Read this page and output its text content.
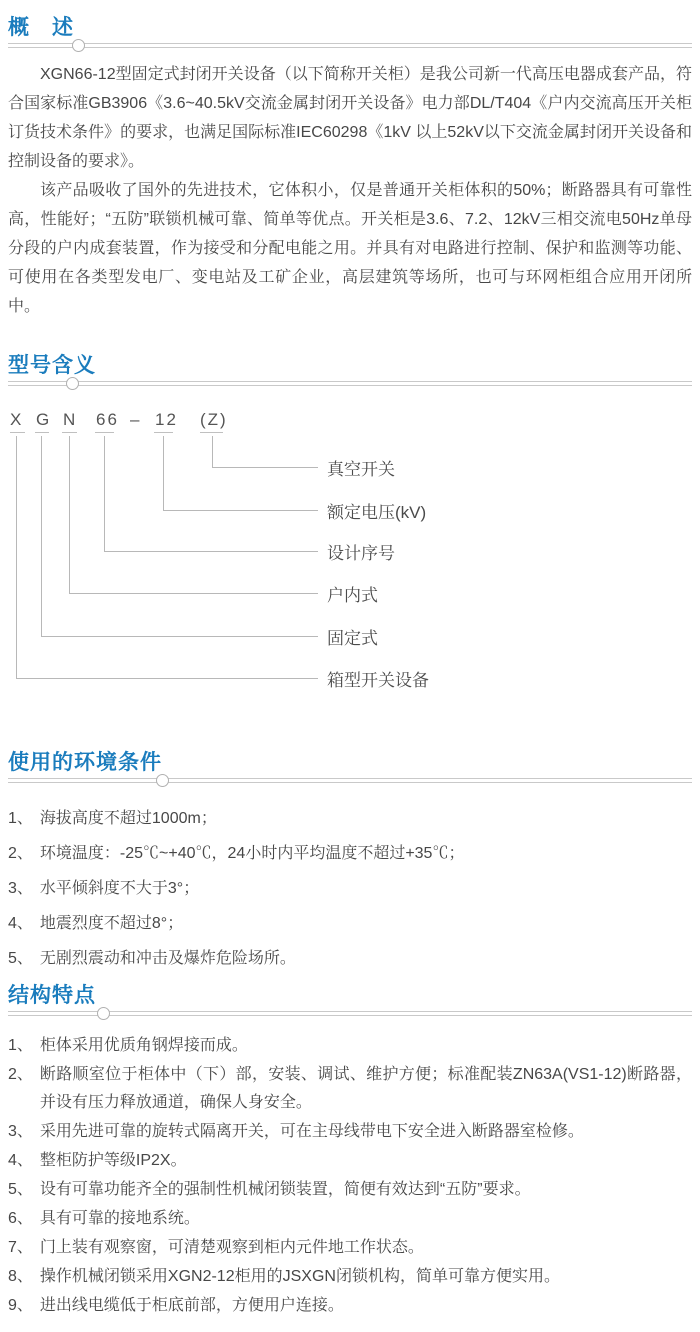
概　述

XGN66-12型固定式封闭开关设备（以下简称开关柜）是我公司新一代高压电器成套产品，符合国家标准GB3906《3.6~40.5kV交流金属封闭开关设备》电力部DL/T404《户内交流高压开关柜订货技术条件》的要求，也满足国际标准IEC60298《1kV 以上52kV以下交流金属封闭开关设备和控制设备的要求》。

该产品吸收了国外的先进技术，它体积小，仅是普通开关柜体积的50%；断路器具有可靠性高，性能好；“五防”联锁机械可靠、简单等优点。开关柜是3.6、7.2、12kV三相交流电50Hz单母分段的户内成套装置，作为接受和分配电能之用。并具有对电路进行控制、保护和监测等功能、可使用在各类型发电厂、变电站及工矿企业，高层建筑等场所，也可与环网柜组合应用开闭所中。

型号含义
X G N 66 – 12 (Z)
真空开关
额定电压(kV)
设计序号
户内式
固定式
箱型开关设备
使用的环境条件
1、 海拔高度不超过1000m；
2、 环境温度：-25℃~+40℃，24小时内平均温度不超过+35℃；
3、 水平倾斜度不大于3°；
4、 地震烈度不超过8°；
5、 无剧烈震动和冲击及爆炸危险场所。
结构特点
1、 柜体采用优质角钢焊接而成。
2、 断路顺室位于柜体中（下）部，安装、调试、维护方便；标准配装ZN63A(VS1-12)断路器，并设有压力释放通道，确保人身安全。
3、 采用先进可靠的旋转式隔离开关，可在主母线带电下安全进入断路器室检修。
4、 整柜防护等级IP2X。
5、 设有可靠功能齐全的强制性机械闭锁装置，简便有效达到“五防”要求。
6、 具有可靠的接地系统。
7、 门上装有观察窗，可清楚观察到柜内元件地工作状态。
8、 操作机械闭锁采用XGN2-12柜用的JSXGN闭锁机构，简单可靠方便实用。
9、 进出线电缆低于柜底前部，方便用户连接。
